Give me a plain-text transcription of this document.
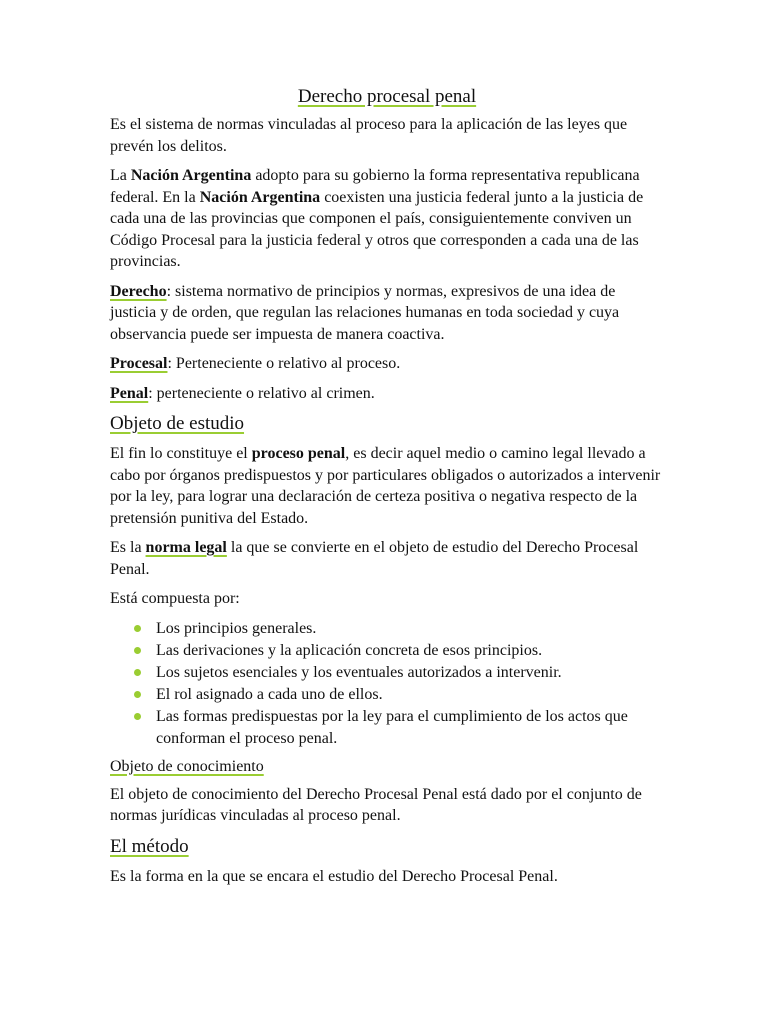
Derecho procesal penal

Es el sistema de normas vinculadas al proceso para la aplicación de las leyes que prevén los delitos.

La Nación Argentina adopto para su gobierno la forma representativa republicana federal. En la Nación Argentina coexisten una justicia federal junto a la justicia de cada una de las provincias que componen el país, consiguientemente conviven un Código Procesal para la justicia federal y otros que corresponden a cada una de las provincias.

Derecho: sistema normativo de principios y normas, expresivos de una idea de justicia y de orden, que regulan las relaciones humanas en toda sociedad y cuya observancia puede ser impuesta de manera coactiva.

Procesal: Perteneciente o relativo al proceso.

Penal: perteneciente o relativo al crimen.

Objeto de estudio

El fin lo constituye el proceso penal, es decir aquel medio o camino legal llevado a cabo por órganos predispuestos y por particulares obligados o autorizados a intervenir por la ley, para lograr una declaración de certeza positiva o negativa respecto de la pretensión punitiva del Estado.

Es la norma legal la que se convierte en el objeto de estudio del Derecho Procesal Penal.

Está compuesta por:

Los principios generales.
Las derivaciones y la aplicación concreta de esos principios.
Los sujetos esenciales y los eventuales autorizados a intervenir.
El rol asignado a cada uno de ellos.
Las formas predispuestas por la ley para el cumplimiento de los actos que conforman el proceso penal.
Objeto de conocimiento

El objeto de conocimiento del Derecho Procesal Penal está dado por el conjunto de normas jurídicas vinculadas al proceso penal.

El método

Es la forma en la que se encara el estudio del Derecho Procesal Penal.
